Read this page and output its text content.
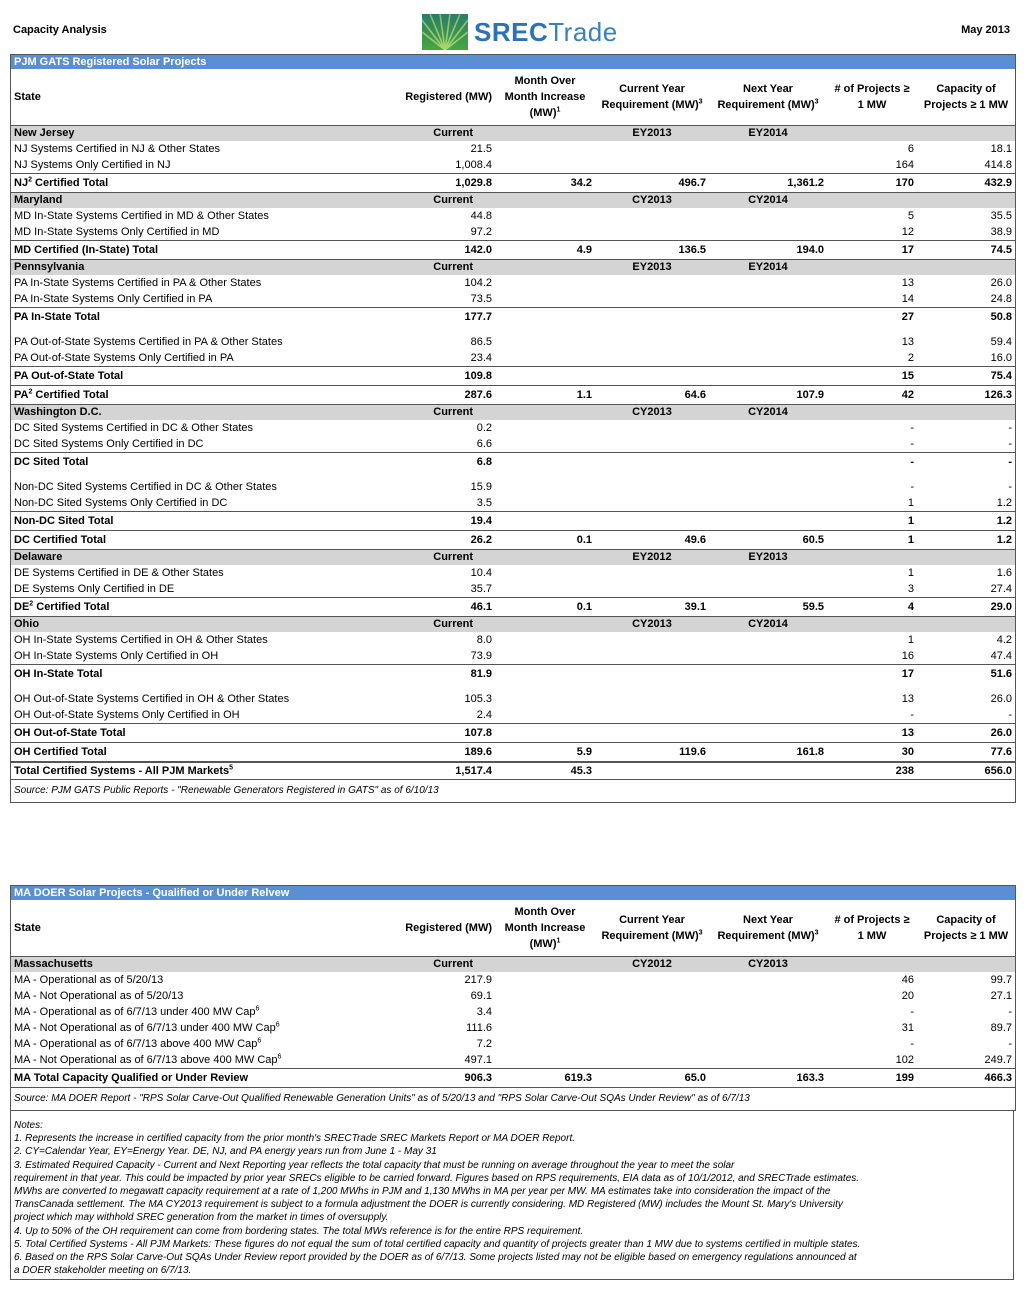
Capacity Analysis	SRECTrade	May 2013
PJM GATS Registered Solar Projects
State	Registered (MW)	Month Over Month Increase (MW)$^1$	Current Year Requirement (MW)$^3$	Next Year Requirement (MW)$^3$	# of Projects ≥ 1 MW	Capacity of Projects ≥ 1 MW
New Jersey	Current		EY2013	EY2014		
NJ Systems Certified in NJ & Other States	21.5				6	18.1
NJ Systems Only Certified in NJ	1,008.4				164	414.8
$NJ^2$ Certified Total	1,029.8	34.2	496.7	1,361.2	170	432.9
Maryland	Current		CY2013	CY2014		
MD In-State Systems Certified in MD & Other States	44.8				5	35.5
MD In-State Systems Only Certified in MD	97.2				12	38.9
MD Certified (In-State) Total	142.0	4.9	136.5	194.0	17	74.5
Pennsylvania	Current		EY2013	EY2014		
PA In-State Systems Certified in PA & Other States	104.2				13	26.0
PA In-State Systems Only Certified in PA	73.5				14	24.8
PA In-State Total	177.7				27	50.8

PA Out-of-State Systems Certified in PA & Other States	86.5				13	59.4
PA Out-of-State Systems Only Certified in PA	23.4				2	16.0
PA Out-of-State Total	109.8				15	75.4
$PA^2$ Certified Total	287.6	1.1	64.6	107.9	42	126.3
Washington D.C.	Current		CY2013	CY2014		
DC Sited Systems Certified in DC & Other States	0.2				-	-
DC Sited Systems Only Certified in DC	6.6				-	-
DC Sited Total	6.8				-	-

Non-DC Sited Systems Certified in DC & Other States	15.9				-	-
Non-DC Sited Systems Only Certified in DC	3.5				1	1.2
Non-DC Sited Total	19.4				1	1.2
DC Certified Total	26.2	0.1	49.6	60.5	1	1.2
Delaware	Current		EY2012	EY2013		
DE Systems Certified in DE & Other States	10.4				1	1.6
DE Systems Only Certified in DE	35.7				3	27.4
$DE^2$ Certified Total	46.1	0.1	39.1	59.5	4	29.0
Ohio	Current		CY2013	CY2014		
OH In-State Systems Certified in OH & Other States	8.0				1	4.2
OH In-State Systems Only Certified in OH	73.9				16	47.4
OH In-State Total	81.9				17	51.6

OH Out-of-State Systems Certified in OH & Other States	105.3				13	26.0
OH Out-of-State Systems Only Certified in OH	2.4				-	-
OH Out-of-State Total	107.8				13	26.0
OH Certified Total	189.6	5.9	119.6	161.8	30	77.6
Total Certified Systems - All PJM Markets$^5$	1,517.4	45.3			238	656.0
Source: PJM GATS Public Reports - "Renewable Generators Registered in GATS" as of 6/10/13						
MA DOER Solar Projects - Qualified or Under Relvew
State	Registered (MW)	Month Over Month Increase (MW)$^1$	Current Year Requirement (MW)$^3$	Next Year Requirement (MW)$^3$	# of Projects ≥ 1 MW	Capacity of Projects ≥ 1 MW
Massachusetts	Current		CY2012	CY2013		
MA - Operational as of 5/20/13	217.9				46	99.7
MA - Not Operational as of 5/20/13	69.1				20	27.1
MA - Operational as of 6/7/13 under 400 MW Cap$^6$	3.4				-	-
MA - Not Operational as of 6/7/13 under 400 MW Cap$^6$	111.6				31	89.7
MA - Operational as of 6/7/13 above 400 MW Cap$^6$	7.2				-	-
MA - Not Operational as of 6/7/13 above 400 MW Cap$^6$	497.1				102	249.7
MA Total Capacity Qualified or Under Review	906.3	619.3	65.0	163.3	199	466.3
Source: MA DOER Report - "RPS Solar Carve-Out Qualified Renewable Generation Units" as of 5/20/13 and "RPS Solar Carve-Out SQAs Under Review" as of 6/7/13						
Notes:
1. Represents the increase in certified capacity from the prior month's SRECTrade SREC Markets Report or MA DOER Report.
2. CY=Calendar Year, EY=Energy Year. DE, NJ, and PA energy years run from June 1 - May 31
3. Estimated Required Capacity - Current and Next Reporting year reflects the total capacity that must be running on average throughout the year to meet the solar
requirement in that year. This could be impacted by prior year SRECs eligible to be carried forward. Figures based on RPS requirements, EIA data as of 10/1/2012, and SRECTrade estimates.
MWhs are converted to megawatt capacity requirement at a rate of 1,200 MWhs in PJM and 1,130 MWhs in MA per year per MW. MA estimates take into consideration the impact of the
TransCanada settlement. The MA CY2013 requirement is subject to a formula adjustment the DOER is currently considering. MD Registered (MW) includes the Mount St. Mary's University
project which may withhold SREC generation from the market in times of oversupply.
4. Up to 50% of the OH requirement can come from bordering states. The total MWs reference is for the entire RPS requirement.
5. Total Certified Systems - All PJM Markets: These figures do not equal the sum of total certified capacity and quantity of projects greater than 1 MW due to systems certified in multiple states.
6. Based on the RPS Solar Carve-Out SQAs Under Review report provided by the DOER as of 6/7/13. Some projects listed may not be eligible based on emergency regulations announced at
a DOER stakeholder meeting on 6/7/13.
